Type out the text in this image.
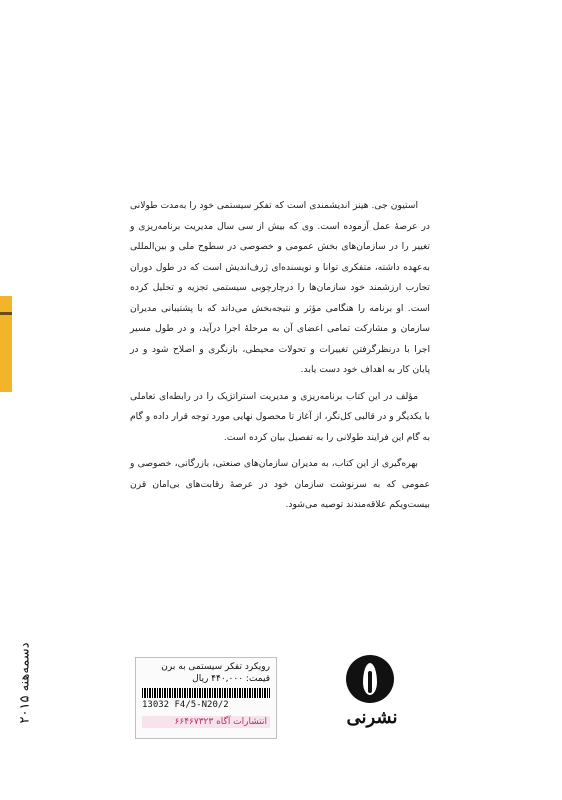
استیون جی. هینز اندیشمندی است که تفکر سیستمی خود را به‌مدت طولانی در عرصهٔ عمل آزموده است. وی که بیش از سی سال مدیریت برنامه‌ریزی و تغییر را در سازمان‌های بخش عمومی و خصوصی در سطوح ملی و بین‌المللی به‌عهده داشته، متفکری توانا و نویسنده‌ای ژرف‌اندیش است که در طول دوران تجارب ارزشمند خود سازمان‌ها را درچارچوبی سیستمی تجزیه و تحلیل کرده است. او برنامه را هنگامی مؤثر و نتیجه‌بخش می‌داند که با پشتیبانی مدیران سازمان و مشارکت تمامی اعضای آن به مرحلهٔ اجرا درآید، و در طول مسیر اجرا با درنظرگرفتن تغییرات و تحولات محیطی، بازنگری و اصلاح شود و در پایان کار به اهداف خود دست یابد.

مؤلف در این کتاب برنامه‌ریزی و مدیریت استراتژیک را در رابطه‌ای تعاملی با یکدیگر و در قالبی کل‌نگر، از آغاز تا محصول نهایی مورد توجه قرار داده و گام به گام این فرایند طولانی را به تفصیل بیان کرده است.

بهره‌گیری از این کتاب، به مدیران سازمان‌های صنعتی، بازرگانی، خصوصی و عمومی که به سرنوشت سازمان خود در عرصهٔ رقابت‌های بی‌امان قرن بیست‌ویکم علاقه‌مندند توصیه می‌شود.

دسمه‌هنه‌ ۲۰۱۵	رویکرد تفکر سیستمی به برن
قیمت: ۴۴۰,۰۰۰ ریال
13032 F4/5-N20/2
انتشارات آگاه ۶۶۴۶۷۳۲۳	نشرنی
